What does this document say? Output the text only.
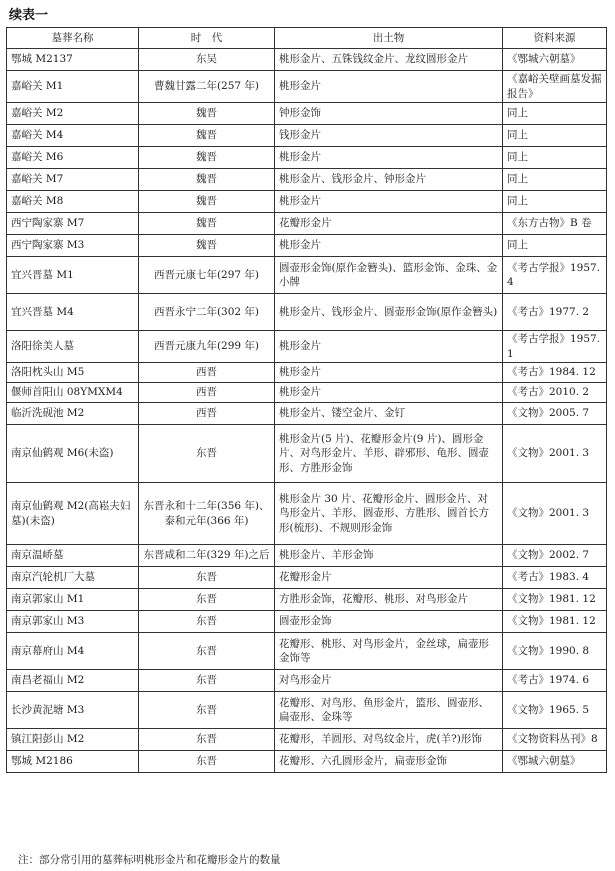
续表一
墓葬名称	时　代	出土物	资料来源
鄂城 M2137	东吴	桃形金片、五铢钱纹金片、龙纹圆形金片	《鄂城六朝墓》
嘉峪关 M1	曹魏甘露二年(257 年)	桃形金片	《嘉峪关壁画墓发掘报告》
嘉峪关 M2	魏晋	钟形金饰	同上
嘉峪关 M4	魏晋	钱形金片	同上
嘉峪关 M6	魏晋	桃形金片	同上
嘉峪关 M7	魏晋	桃形金片、钱形金片、钟形金片	同上
嘉峪关 M8	魏晋	桃形金片	同上
西宁陶家寨 M7	魏晋	花瓣形金片	《东方古物》B 卷
西宁陶家寨 M3	魏晋	桃形金片	同上
宜兴晋墓 M1	西晋元康七年(297 年)	圆壶形金饰(原作金簪头)、篮形金饰、金珠、金小牌	《考古学报》1957. 4
宜兴晋墓 M4	西晋永宁二年(302 年)	桃形金片、钱形金片、圆壶形金饰(原作金簪头)	《考古》1977. 2
洛阳徐美人墓	西晋元康九年(299 年)	桃形金片	《考古学报》1957. 1
洛阳枕头山 M5	西晋	桃形金片	《考古》1984. 12
偃师首阳山 08YMXM4	西晋	桃形金片	《考古》2010. 2
临沂洗砚池 M2	西晋	桃形金片、镂空金片、金钉	《文物》2005. 7
南京仙鹤观 M6(未盗)	东晋	桃形金片(5 片)、花瓣形金片(9 片)、圆形金片、对鸟形金片、羊形、辟邪形、龟形、圆壶形、方胜形金饰	《文物》2001. 3
南京仙鹤观 M2(高崧夫妇墓)(未盗)	东晋永和十二年(356 年)、泰和元年(366 年)	桃形金片 30 片、花瓣形金片、圆形金片、对鸟形金片、羊形、圆壶形、方胜形、圆首长方形(梳形)、不规则形金饰	《文物》2001. 3
南京温峤墓	东晋咸和二年(329 年)之后	桃形金片、羊形金饰	《文物》2002. 7
南京汽轮机厂大墓	东晋	花瓣形金片	《考古》1983. 4
南京郭家山 M1	东晋	方胜形金饰，花瓣形、桃形、对鸟形金片	《文物》1981. 12
南京郭家山 M3	东晋	圆壶形金饰	《文物》1981. 12
南京幕府山 M4	东晋	花瓣形、桃形、对鸟形金片，金丝球，扁壶形金饰等	《文物》1990. 8
南昌老福山 M2	东晋	对鸟形金片	《考古》1974. 6
长沙黄泥塘 M3	东晋	花瓣形、对鸟形、鱼形金片，篮形、圆壶形、扁壶形、金珠等	《文物》1965. 5
镇江阳彭山 M2	东晋	花瓣形，羊圆形、对鸟纹金片，虎(羊?)形饰	《文物资料丛刊》8
鄂城 M2186	东晋	花瓣形、六孔圆形金片，扁壶形金饰	《鄂城六朝墓》
注：部分常引用的墓葬标明桃形金片和花瓣形金片的数量
